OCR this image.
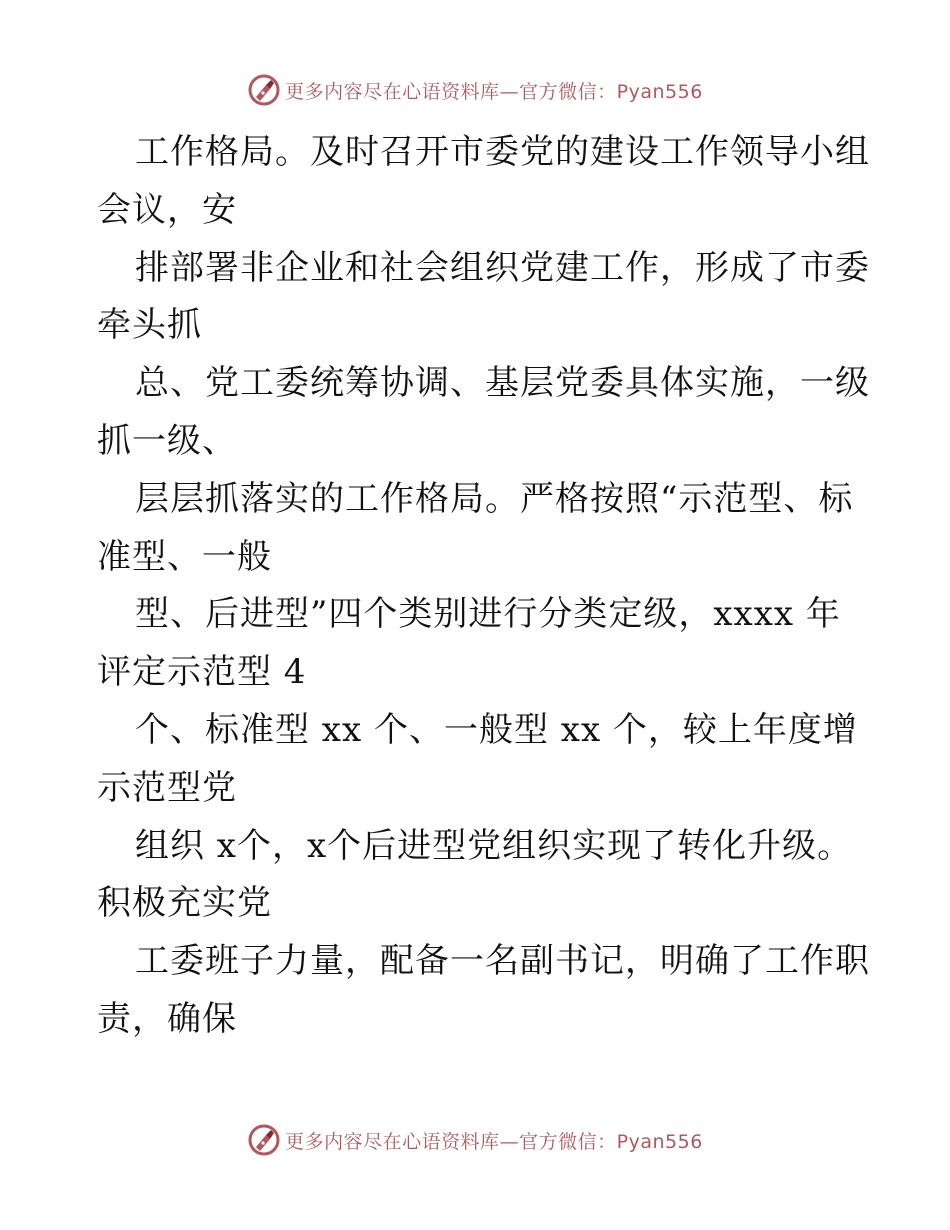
更多内容尽在心语资料库—官方微信：Pyan556
工作格局。及时召开市委党的建设工作领导小组
会议，安
排部署非企业和社会组织党建工作，形成了市委
牵头抓
总、党工委统筹协调、基层党委具体实施，一级
抓一级、
层层抓落实的工作格局。严格按照“示范型、标
准型、一般
型、后进型”四个类别进行分类定级，xxxx 年
评定示范型 4
个、标准型 xx 个、一般型 xx 个，较上年度增
示范型党
组织 x个，x个后进型党组织实现了转化升级。
积极充实党
工委班子力量，配备一名副书记，明确了工作职
责，确保
更多内容尽在心语资料库—官方微信：Pyan556
